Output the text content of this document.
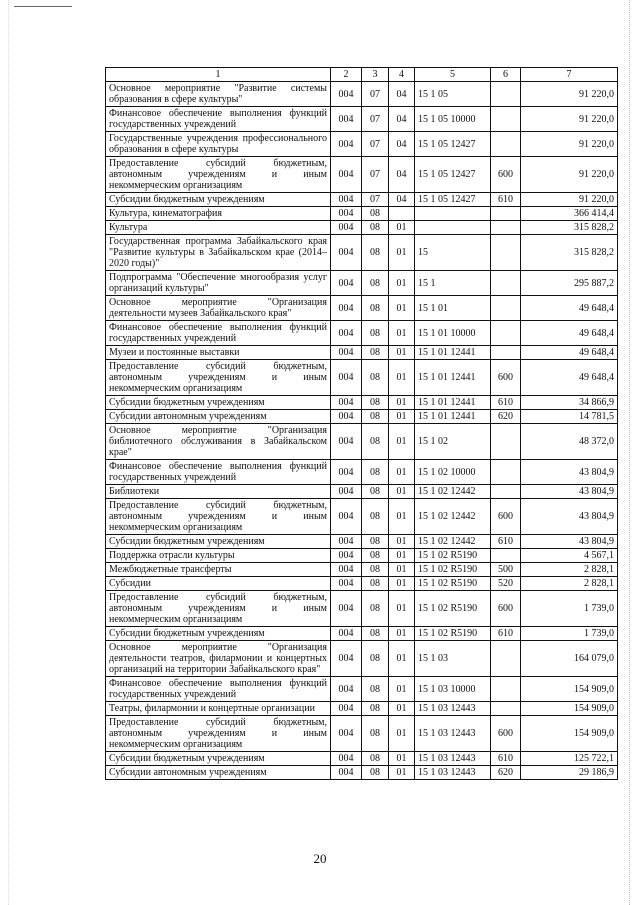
1	2	3	4	5	6	7
Основное мероприятие "Развитие системы образования в сфере культуры"	004	07	04	15 1 05		91 220,0
Финансовое обеспечение выполнения функций государственных учреждений	004	07	04	15 1 05 10000		91 220,0
Государственные учреждения профессионального образования в сфере культуры	004	07	04	15 1 05 12427		91 220,0
Предоставление субсидий бюджетным, автономным учреждениям и иным некоммерческим организациям	004	07	04	15 1 05 12427	600	91 220,0
Субсидии бюджетным учреждениям	004	07	04	15 1 05 12427	610	91 220,0
Культура, кинематография	004	08				366 414,4
Культура	004	08	01			315 828,2
Государственная программа Забайкальского края "Развитие культуры в Забайкальском крае (2014–2020 годы)"	004	08	01	15		315 828,2
Подпрограмма "Обеспечение многообразия услуг организаций культуры"	004	08	01	15 1		295 887,2
Основное мероприятие "Организация деятельности музеев Забайкальского края"	004	08	01	15 1 01		49 648,4
Финансовое обеспечение выполнения функций государственных учреждений	004	08	01	15 1 01 10000		49 648,4
Музеи и постоянные выставки	004	08	01	15 1 01 12441		49 648,4
Предоставление субсидий бюджетным, автономным учреждениям и иным некоммерческим организациям	004	08	01	15 1 01 12441	600	49 648,4
Субсидии бюджетным учреждениям	004	08	01	15 1 01 12441	610	34 866,9
Субсидии автономным учреждениям	004	08	01	15 1 01 12441	620	14 781,5
Основное мероприятие "Организация библиотечного обслуживания в Забайкальском крае"	004	08	01	15 1 02		48 372,0
Финансовое обеспечение выполнения функций государственных учреждений	004	08	01	15 1 02 10000		43 804,9
Библиотеки	004	08	01	15 1 02 12442		43 804,9
Предоставление субсидий бюджетным, автономным учреждениям и иным некоммерческим организациям	004	08	01	15 1 02 12442	600	43 804,9
Субсидии бюджетным учреждениям	004	08	01	15 1 02 12442	610	43 804,9
Поддержка отрасли культуры	004	08	01	15 1 02 R5190		4 567,1
Межбюджетные трансферты	004	08	01	15 1 02 R5190	500	2 828,1
Субсидии	004	08	01	15 1 02 R5190	520	2 828,1
Предоставление субсидий бюджетным, автономным учреждениям и иным некоммерческим организациям	004	08	01	15 1 02 R5190	600	1 739,0
Субсидии бюджетным учреждениям	004	08	01	15 1 02 R5190	610	1 739,0
Основное мероприятие "Организация деятельности театров, филармонии и концертных организаций на территории Забайкальского края"	004	08	01	15 1 03		164 079,0
Финансовое обеспечение выполнения функций государственных учреждений	004	08	01	15 1 03 10000		154 909,0
Театры, филармонии и концертные организации	004	08	01	15 1 03 12443		154 909,0
Предоставление субсидий бюджетным, автономным учреждениям и иным некоммерческим организациям	004	08	01	15 1 03 12443	600	154 909,0
Субсидии бюджетным учреждениям	004	08	01	15 1 03 12443	610	125 722,1
Субсидии автономным учреждениям	004	08	01	15 1 03 12443	620	29 186,9
20
